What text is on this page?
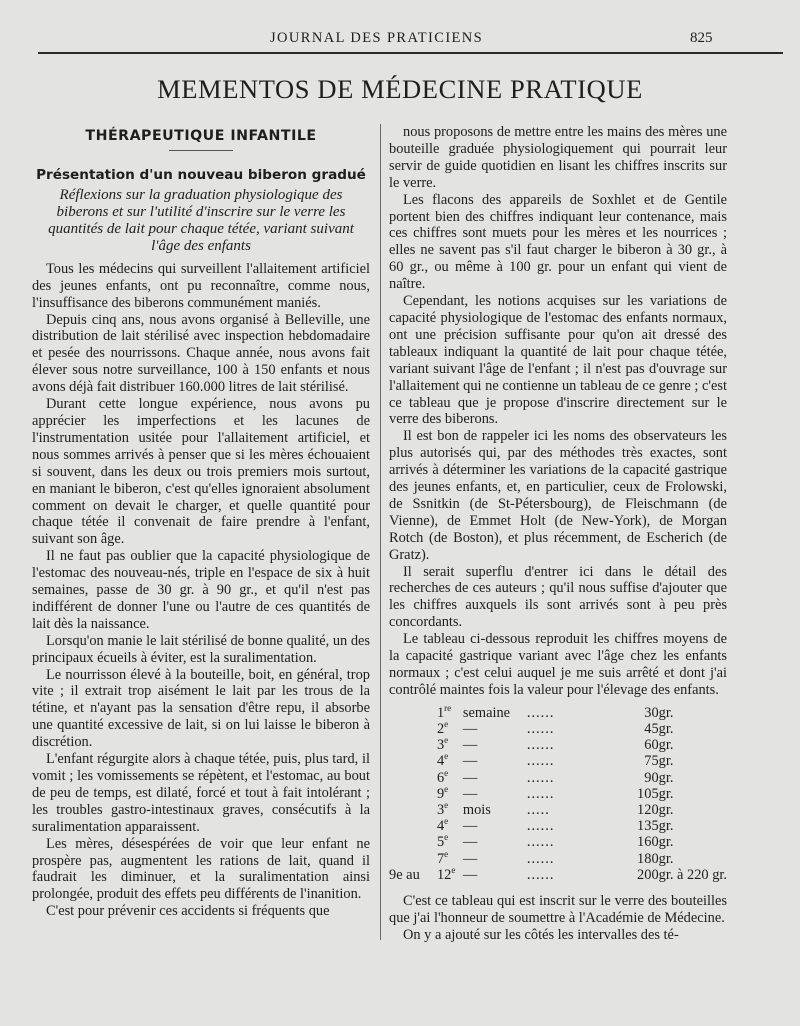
JOURNAL DES PRATICIENS	825
MEMENTOS DE MÉDECINE PRATIQUE
THÉRAPEUTIQUE INFANTILE
Présentation d'un nouveau biberon gradué
Réflexions sur la graduation physiologique des biberons et sur l'utilité d'inscrire sur le verre les quantités de lait pour chaque tétée, variant suivant l'âge des enfants

Tous les médecins qui surveillent l'allaitement artificiel des jeunes enfants, ont pu reconnaître, comme nous, l'insuffisance des biberons communément maniés.

Depuis cinq ans, nous avons organisé à Belleville, une distribution de lait stérilisé avec inspection hebdomadaire et pesée des nourrissons. Chaque année, nous avons fait élever sous notre surveillance, 100 à 150 enfants et nous avons déjà fait distribuer 160.000 litres de lait stérilisé.

Durant cette longue expérience, nous avons pu apprécier les imperfections et les lacunes de l'instrumentation usitée pour l'allaitement artificiel, et nous sommes arrivés à penser que si les mères échouaient si souvent, dans les deux ou trois premiers mois surtout, en maniant le biberon, c'est qu'elles ignoraient absolument comment on devait le charger, et quelle quantité pour chaque tétée il convenait de faire prendre à l'enfant, suivant son âge.

Il ne faut pas oublier que la capacité physiologique de l'estomac des nouveau-nés, triple en l'espace de six à huit semaines, passe de 30 gr. à 90 gr., et qu'il n'est pas indifférent de donner l'une ou l'autre de ces quantités de lait dès la naissance.

Lorsqu'on manie le lait stérilisé de bonne qualité, un des principaux écueils à éviter, est la suralimentation.

Le nourrisson élevé à la bouteille, boit, en général, trop vite ; il extrait trop aisément le lait par les trous de la tétine, et n'ayant pas la sensation d'être repu, il absorbe une quantité excessive de lait, si on lui laisse le biberon à discrétion.

L'enfant régurgite alors à chaque tétée, puis, plus tard, il vomit ; les vomissements se répètent, et l'estomac, au bout de peu de temps, est dilaté, forcé et tout à fait intolérant ; les troubles gastro-intestinaux graves, consécutifs à la suralimentation apparaissent.

Les mères, désespérées de voir que leur enfant ne prospère pas, augmentent les rations de lait, quand il faudrait les diminuer, et la suralimentation ainsi prolongée, produit des effets peu différents de l'inanition.

C'est pour prévenir ces accidents si fréquents que

nous proposons de mettre entre les mains des mères une bouteille graduée physiologiquement qui pourrait leur servir de guide quotidien en lisant les chiffres inscrits sur le verre.

Les flacons des appareils de Soxhlet et de Gentile portent bien des chiffres indiquant leur contenance, mais ces chiffres sont muets pour les mères et les nourrices ; elles ne savent pas s'il faut charger le biberon à 30 gr., à 60 gr., ou même à 100 gr. pour un enfant qui vient de naître.

Cependant, les notions acquises sur les variations de capacité physiologique de l'estomac des enfants normaux, ont une précision suffisante pour qu'on ait dressé des tableaux indiquant la quantité de lait pour chaque tétée, variant suivant l'âge de l'enfant ; il n'est pas d'ouvrage sur l'allaitement qui ne contienne un tableau de ce genre ; c'est ce tableau que je propose d'inscrire directement sur le verre des biberons.

Il est bon de rappeler ici les noms des observateurs les plus autorisés qui, par des méthodes très exactes, sont arrivés à déterminer les variations de la capacité gastrique des jeunes enfants, et, en particulier, ceux de Frolowski, de Ssnitkin (de St-Pétersbourg), de Fleischmann (de Vienne), de Emmet Holt (de New-York), de Morgan Rotch (de Boston), et plus récemment, de Escherich (de Gratz).

Il serait superflu d'entrer ici dans le détail des recherches de ces auteurs ; qu'il nous suffise d'ajouter que les chiffres auxquels ils sont arrivés sont à peu près concordants.

Le tableau ci-dessous reproduit les chiffres moyens de la capacité gastrique variant avec l'âge chez les enfants normaux ; c'est celui auquel je me suis arrêté et dont j'ai contrôlé maintes fois la valeur pour l'élevage des enfants.

	1re	semaine	......	30	gr.
	2e	—	......	45	gr.
	3e	—	......	60	gr.
	4e	—	......	75	gr.
	6e	—	......	90	gr.
	9e	—	......	105	gr.
	3e	mois	.....	120	gr.
	4e	—	......	135	gr.
	5e	—	......	160	gr.
	7e	—	......	180	gr.
9e au	12e	—	......	200	gr. à 220 gr.

C'est ce tableau qui est inscrit sur le verre des bouteilles que j'ai l'honneur de soumettre à l'Académie de Médecine.

On y a ajouté sur les côtés les intervalles des té-
